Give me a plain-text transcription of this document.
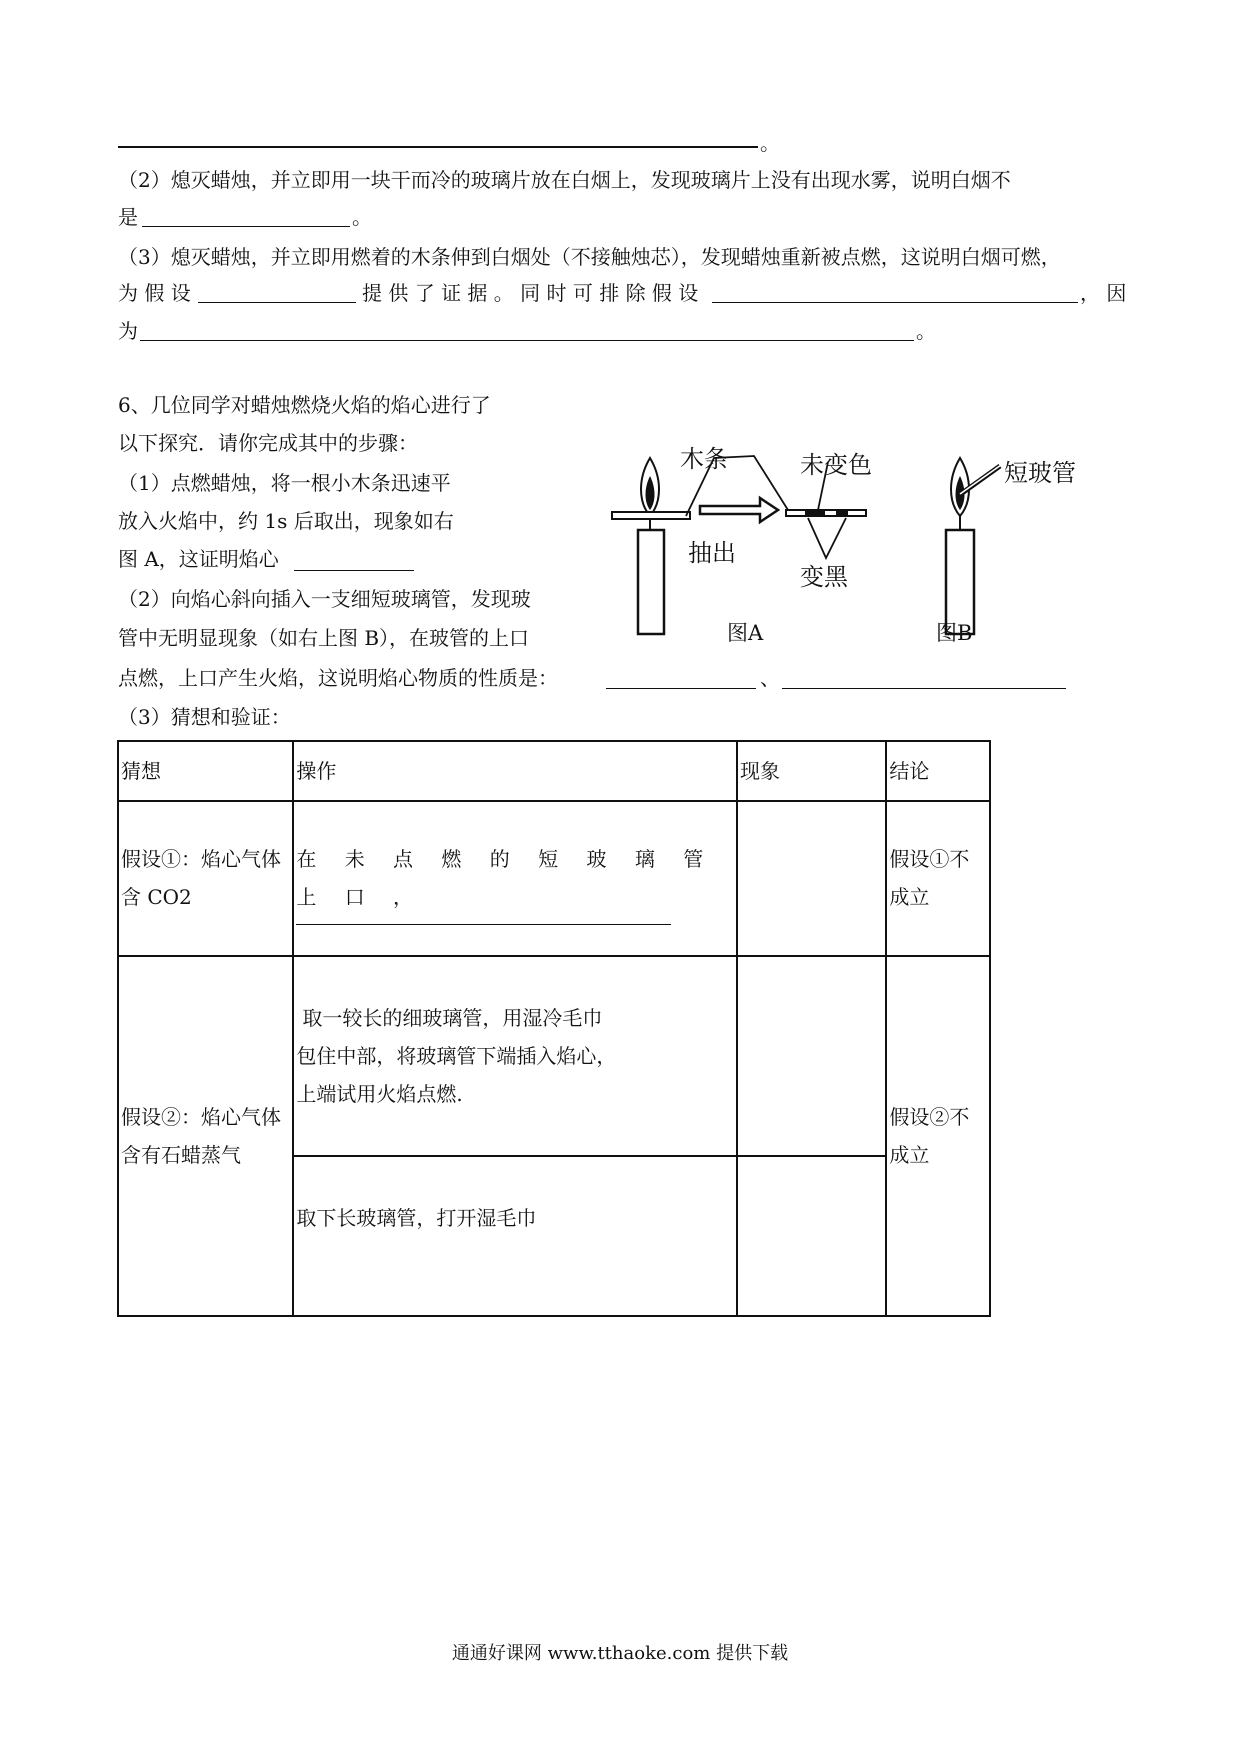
。
（2）熄灭蜡烛，并立即用一块干而冷的玻璃片放在白烟上，发现玻璃片上没有出现水雾，说明白烟不
是	。
（3）熄灭蜡烛，并立即用燃着的木条伸到白烟处（不接触烛芯），发现蜡烛重新被点燃，这说明白烟可燃，
为 假 设	提 供 了 证 据 。 同 时 可 排 除 假 设	， 因
为	。
6、几位同学对蜡烛燃烧火焰的焰心进行了
以下探究．请你完成其中的步骤：
（1）点燃蜡烛，将一根小木条迅速平
放入火焰中，约 1s 后取出，现象如右
图 A，这证明焰心
（2）向焰心斜向插入一支细短玻璃管，发现玻
管中无明显现象（如右上图 B），在玻管的上口
点燃，上口产生火焰，这说明焰心物质的性质是：	、
（3）猜想和验证：
木条	未变色	短玻管
抽出
变黑
图A	图B
猜想	操作	现象	结论
假设①：焰心气体含 CO2	在 未 点 燃 的 短 玻 璃 管 上 口 ，		假设①不成立
假设②：焰心气体含有石蜡蒸气	取一较长的细玻璃管，用湿冷毛巾
包住中部，将玻璃管下端插入焰心，
上端试用火焰点燃.		假设②不成立
	取下长玻璃管，打开湿毛巾		
通通好课网 www.tthaoke.com 提供下载
